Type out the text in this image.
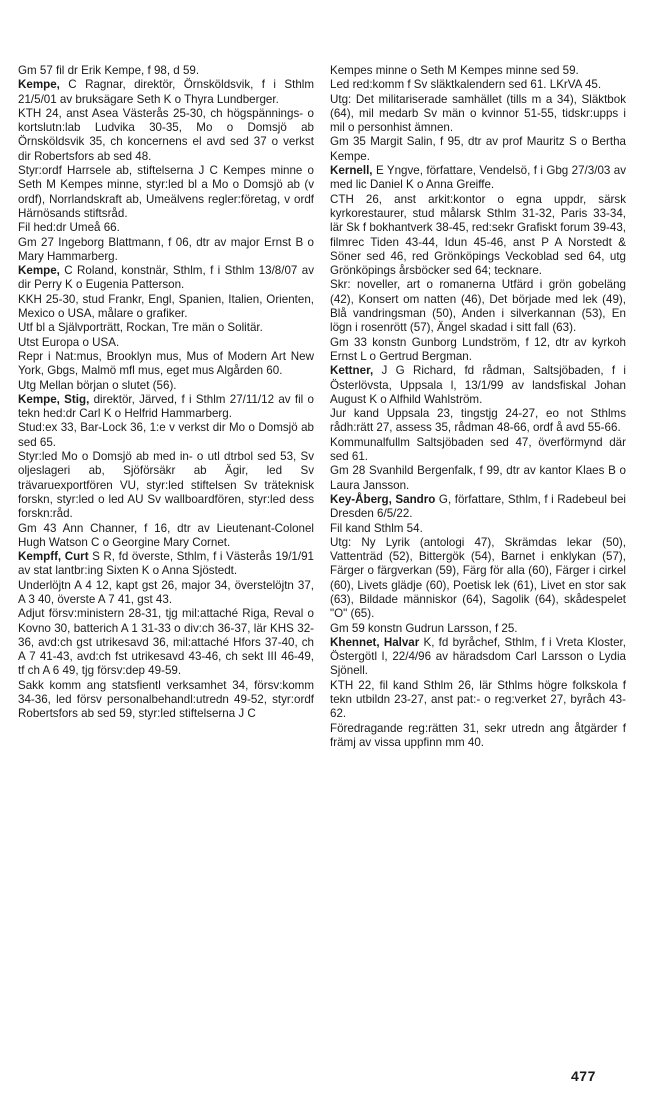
Gm 57 fil dr Erik Kempe, f 98, d 59.

Kempe, C Ragnar, direktör, Örnsköldsvik, f i Sthlm 21/5/01 av bruksägare Seth K o Thyra Lundberger.

KTH 24, anst Asea Västerås 25-30, ch högspännings- o kortslutn:lab Ludvika 30-35, Mo o Domsjö ab Örnsköldsvik 35, ch koncernens el avd sed 37 o verkst dir Robertsfors ab sed 48.

Styr:ordf Harrsele ab, stiftelserna J C Kempes minne o Seth M Kempes minne, styr:led bl a Mo o Domsjö ab (v ordf), Norrlandskraft ab, Umeälvens regler:företag, v ordf Härnösands stiftsråd.

Fil hed:dr Umeå 66.

Gm 27 Ingeborg Blattmann, f 06, dtr av major Ernst B o Mary Hammarberg.

Kempe, C Roland, konstnär, Sthlm, f i Sthlm 13/8/07 av dir Perry K o Eugenia Patterson.

KKH 25-30, stud Frankr, Engl, Spanien, Italien, Orienten, Mexico o USA, målare o grafiker.

Utf bl a Självporträtt, Rockan, Tre män o Solitär.

Utst Europa o USA.

Repr i Nat:mus, Brooklyn mus, Mus of Modern Art New York, Gbgs, Malmö mfl mus, eget mus Algården 60.

Utg Mellan början o slutet (56).

Kempe, Stig, direktör, Järved, f i Sthlm 27/11/12 av fil o tekn hed:dr Carl K o Helfrid Hammarberg.

Stud:ex 33, Bar-Lock 36, 1:e v verkst dir Mo o Domsjö ab sed 65.

Styr:led Mo o Domsjö ab med in- o utl dtrbol sed 53, Sv oljeslageri ab, Sjöförsäkr ab Ägir, led Sv trävaruexportfören VU, styr:led stiftelsen Sv träteknisk forskn, styr:led o led AU Sv wallboardfören, styr:led dess forskn:råd.

Gm 43 Ann Channer, f 16, dtr av Lieutenant-Colonel Hugh Watson C o Georgine Mary Cornet.

Kempff, Curt S R, fd överste, Sthlm, f i Västerås 19/1/91 av stat lantbr:ing Sixten K o Anna Sjöstedt.

Underlöjtn A 4 12, kapt gst 26, major 34, överstelöjtn 37, A 3 40, överste A 7 41, gst 43.

Adjut försv:ministern 28-31, tjg mil:attaché Riga, Reval o Kovno 30, batterich A 1 31-33 o div:ch 36-37, lär KHS 32-36, avd:ch gst utrikesavd 36, mil:attaché Hfors 37-40, ch A 7 41-43, avd:ch fst utrikesavd 43-46, ch sekt III 46-49, tf ch A 6 49, tjg försv:dep 49-59.

Sakk komm ang statsfientl verksamhet 34, försv:komm 34-36, led försv personalbehandl:utredn 49-52, styr:ordf Robertsfors ab sed 59, styr:led stiftelserna J C

Kempes minne o Seth M Kempes minne sed 59.

Led red:komm f Sv släktkalendern sed 61. LKrVA 45.

Utg: Det militariserade samhället (tills m a 34), Släktbok (64), mil medarb Sv män o kvinnor 51-55, tidskr:upps i mil o personhist ämnen.

Gm 35 Margit Salin, f 95, dtr av prof Mauritz S o Bertha Kempe.

Kernell, E Yngve, författare, Vendelsö, f i Gbg 27/3/03 av med lic Daniel K o Anna Greiffe.

CTH 26, anst arkit:kontor o egna uppdr, särsk kyrkorestaurer, stud målarsk Sthlm 31-32, Paris 33-34, lär Sk f bokhantverk 38-45, red:sekr Grafiskt forum 39-43, filmrec Tiden 43-44, Idun 45-46, anst P A Norstedt & Söner sed 46, red Grönköpings Veckoblad sed 64, utg Grönköpings årsböcker sed 64; tecknare.

Skr: noveller, art o romanerna Utfärd i grön gobeläng (42), Konsert om natten (46), Det började med lek (49), Blå vandringsman (50), Anden i silverkannan (53), En lögn i rosenrött (57), Ängel skadad i sitt fall (63).

Gm 33 konstn Gunborg Lundström, f 12, dtr av kyrkoh Ernst L o Gertrud Bergman.

Kettner, J G Richard, fd rådman, Saltsjöbaden, f i Österlövsta, Uppsala l, 13/1/99 av landsfiskal Johan August K o Alfhild Wahlström.

Jur kand Uppsala 23, tingstjg 24-27, eo not Sthlms rådh:rätt 27, assess 35, rådman 48-66, ordf å avd 55-66.

Kommunalfullm Saltsjöbaden sed 47, överförmynd där sed 61.

Gm 28 Svanhild Bergenfalk, f 99, dtr av kantor Klaes B o Laura Jansson.

Key-Åberg, Sandro G, författare, Sthlm, f i Radebeul bei Dresden 6/5/22.

Fil kand Sthlm 54.

Utg: Ny Lyrik (antologi 47), Skrämdas lekar (50), Vattenträd (52), Bittergök (54), Barnet i enklykan (57), Färger o färgverkan (59), Färg för alla (60), Färger i cirkel (60), Livets glädje (60), Poetisk lek (61), Livet en stor sak (63), Bildade människor (64), Sagolik (64), skådespelet "O" (65).

Gm 59 konstn Gudrun Larsson, f 25.

Khennet, Halvar K, fd byråchef, Sthlm, f i Vreta Kloster, Östergötl l, 22/4/96 av häradsdom Carl Larsson o Lydia Sjönell.

KTH 22, fil kand Sthlm 26, lär Sthlms högre folkskola f tekn utbildn 23-27, anst pat:- o reg:verket 27, byråch 43-62.

Föredragande reg:rätten 31, sekr utredn ang åtgärder f främj av vissa uppfinn mm 40.

477
